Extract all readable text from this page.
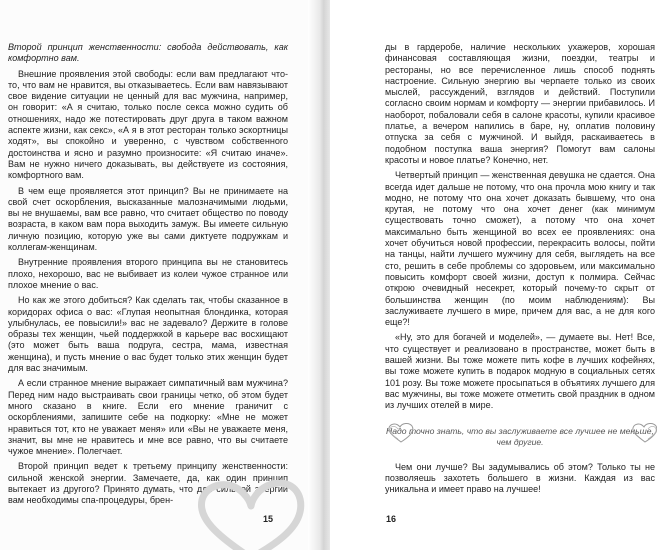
Второй принцип женственности: свобода действовать, как комфортно вам.

Внешние проявления этой свободы: если вам предлагают что-то, что вам не нравится, вы отказываетесь. Если вам навязывают свое видение ситуации не ценный для вас мужчина, например, он говорит: «А я считаю, только после секса можно судить об отношениях, надо же потестировать друг друга в таком важном аспекте жизни, как секс», «А я в этот ресторан только эскортницы ходят», вы спокойно и уверенно, с чувством собственного достоинства и ясно и разумно произносите: «Я считаю иначе». Вам не нужно ничего доказывать, вы действуете из состояния, комфортного вам.

В чем еще проявляется этот принцип? Вы не принимаете на свой счет оскорбления, высказанные малозначимыми людьми, вы не внушаемы, вам все равно, что считает общество по поводу возраста, в каком вам пора выходить замуж. Вы имеете сильную личную позицию, которую уже вы сами диктуете подружкам и коллегам-женщинам.

Внутренние проявления второго принципа вы не становитесь плохо, нехорошо, вас не выбивает из колеи чужое странное или плохое мнение о вас.

Но как же этого добиться? Как сделать так, чтобы сказанное в коридорах офиса о вас: «Глупая неопытная блондинка, которая улыбнулась, ее повысили!» вас не задевало? Держите в голове образы тех женщин, чьей поддержкой в карьере вас восхищают (это может быть ваша подруга, сестра, мама, известная женщина), и пусть мнение о вас будет только этих женщин будет для вас значимым.

А если странное мнение выражает симпатичный вам мужчина? Перед ним надо выстраивать свои границы четко, об этом будет много сказано в книге. Если его мнение граничит с оскорблениями, запишите себе на подкорку: «Мне не может нравиться тот, кто не уважает меня» или «Вы не уважаете меня, значит, вы мне не нравитесь и мне все равно, что вы считаете чужое мнение». Полегчает.

Второй принцип ведет к третьему принципу женственности: сильной женской энергии. Замечаете, да, как один принцип вытекает из другого? Принято думать, что для сильной энергии вам необходимы спа-процедуры, брен-

15

ды в гардеробе, наличие нескольких ухажеров, хорошая финансовая составляющая жизни, поездки, театры и рестораны, но все перечисленное лишь способ поднять настроение. Сильную энергию вы черпаете только из своих мыслей, рассуждений, взглядов и действий. Поступили согласно своим нормам и комфорту — энергии прибавилось. И наоборот, побаловали себя в салоне красоты, купили красивое платье, а вечером напились в баре, ну, оплатив половину отпуска за себя с мужчиной. И выйдя, раскаиваетесь в подобном поступка ваша энергия? Помогут вам салоны красоты и новое платье? Конечно, нет.

Четвертый принцип — женственная девушка не сдается. Она всегда идет дальше не потому, что она прочла мою книгу и так модно, не потому что она хочет доказать бывшему, что она крутая, не потому что она хочет денег (как минимум существовать точно сможет), а потому что она хочет максимально быть женщиной во всех ее проявлениях: она хочет обучиться новой профессии, перекрасить волосы, пойти на танцы, найти лучшего мужчину для себя, выглядеть на все сто, решить в себе проблемы со здоровьем, или максимально повысить комфорт своей жизни, доступ к полмира. Сейчас открою очевидный несекрет, который почему-то скрыт от большинства женщин (по моим наблюдениям): Вы заслуживаете лучшего в мире, причем для вас, а не для кого еще?!

«Ну, это для богачей и моделей», — думаете вы. Нет! Все, что существует и реализовано в пространстве, может быть в вашей жизни. Вы тоже можете пить кофе в лучших кофейнях, вы тоже можете купить в подарок модную в социальных сетях 101 розу. Вы тоже можете просыпаться в объятиях лучшего для вас мужчины, вы тоже можете отметить свой праздник в одном из лучших отелей в мире.

Надо точно знать, что вы заслуживаете все лучшее не меньше, чем другие.

Чем они лучше? Вы задумывались об этом? Только ты не позволяешь захотеть большего в жизни. Каждая из вас уникальна и имеет право на лучшее!

16
